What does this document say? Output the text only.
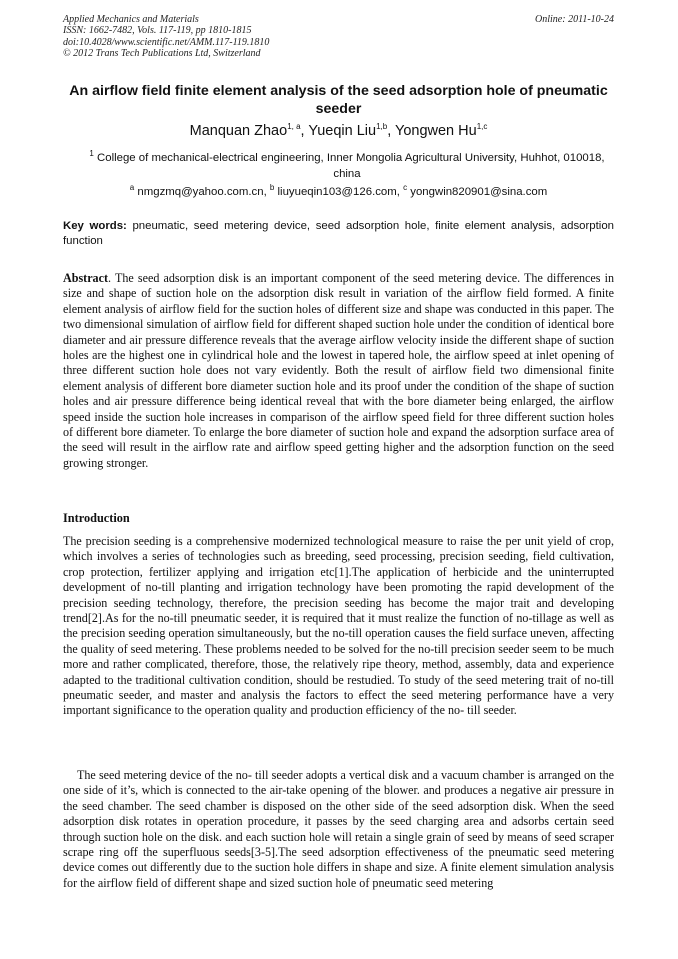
Applied Mechanics and Materials
ISSN: 1662-7482, Vols. 117-119, pp 1810-1815
doi:10.4028/www.scientific.net/AMM.117-119.1810
© 2012 Trans Tech Publications Ltd, Switzerland
Online: 2011-10-24
An airflow field finite element analysis of the seed adsorption hole of pneumatic seeder
Manquan Zhao$^{1, a}$, Yueqin Liu$^{1,b}$, Yongwen Hu$^{1,c}$
$^1$ College of mechanical-electrical engineering, Inner Mongolia Agricultural University, Huhhot, 010018, china
$^a$ nmgzmq@yahoo.com.cn, $^b$ liuyueqin103@126.com, $^c$ yongwin820901@sina.com
Key words: pneumatic, seed metering device, seed adsorption hole, finite element analysis, adsorption function

Abstract. The seed adsorption disk is an important component of the seed metering device. The differences in size and shape of suction hole on the adsorption disk result in variation of the airflow field formed. A finite element analysis of airflow field for the suction holes of different size and shape was conducted in this paper. The two dimensional simulation of airflow field for different shaped suction hole under the condition of identical bore diameter and air pressure difference reveals that the average airflow velocity inside the different shape of suction holes are the highest one in cylindrical hole and the lowest in tapered hole, the airflow speed at inlet opening of three different suction hole does not vary evidently. Both the result of airflow field two dimensional finite element analysis of different bore diameter suction hole and its proof under the condition of the shape of suction holes and air pressure difference being identical reveal that with the bore diameter being enlarged, the airflow speed inside the suction hole increases in comparison of the airflow speed field for three different suction holes of different bore diameter. To enlarge the bore diameter of suction hole and expand the adsorption surface area of the seed will result in the airflow rate and airflow speed getting higher and the adsorption function on the seed growing stronger.

Introduction

The precision seeding is a comprehensive modernized technological measure to raise the per unit yield of crop, which involves a series of technologies such as breeding, seed processing, precision seeding, field cultivation, crop protection, fertilizer applying and irrigation etc[1].The application of herbicide and the uninterrupted development of no-till planting and irrigation technology have been promoting the rapid development of the precision seeding technology, therefore, the precision seeding has become the major trait and developing trend[2].As for the no-till pneumatic seeder, it is required that it must realize the function of no-tillage as well as the precision seeding operation simultaneously, but the no-till operation causes the field surface uneven, affecting the quality of seed metering. These problems needed to be solved for the no-till precision seeder seem to be much more and rather complicated, therefore, those, the relatively ripe theory, method, assembly, data and experience adapted to the traditional cultivation condition, should be restudied. To study of the seed metering trait of no-till pneumatic seeder, and master and analysis the factors to effect the seed metering performance have a very important significance to the operation quality and production efficiency of the no- till seeder.

The seed metering device of the no- till seeder adopts a vertical disk and a vacuum chamber is arranged on the one side of it’s, which is connected to the air-take opening of the blower. and produces a negative air pressure in the seed chamber. The seed chamber is disposed on the other side of the seed adsorption disk. When the seed adsorption disk rotates in operation procedure, it passes by the seed charging area and adsorbs certain seed through suction hole on the disk. and each suction hole will retain a single grain of seed by means of seed scraper scrape ring off the superfluous seeds[3-5].The seed adsorption effectiveness of the pneumatic seed metering device comes out differently due to the suction hole differs in shape and size. A finite element simulation analysis for the airflow field of different shape and sized suction hole of pneumatic seed metering
